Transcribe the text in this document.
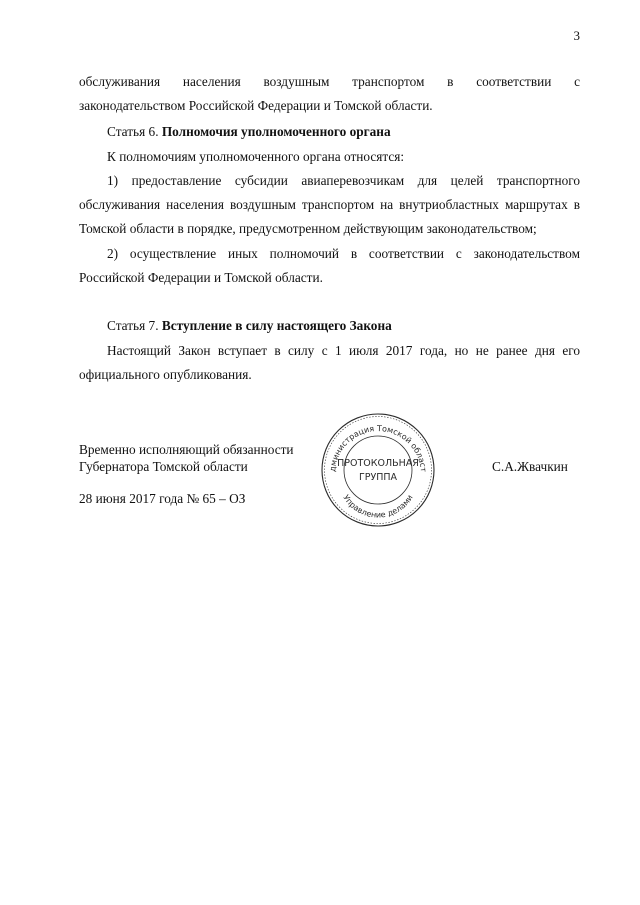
3
обслуживания населения воздушным транспортом в соответствии с
законодательством Российской Федерации и Томской области.
Статья 6. Полномочия уполномоченного органа
К полномочиям уполномоченного органа относятся:
1) предоставление субсидии авиаперевозчикам для целей транспортного
обслуживания населения воздушным транспортом на внутриобластных маршрутах в Томской области в порядке, предусмотренном действующим законодательством;
2) осуществление иных полномочий в соответствии с законодательством
Российской Федерации и Томской области.
Статья 7. Вступление в силу настоящего Закона
Настоящий Закон вступает в силу с 1 июля 2017 года, но не ранее дня его
официального опубликования.
Временно исполняющий обязанности
Губернатора Томской области	С.А.Жвачкин
28 июня 2017 года № 65 – ОЗ
дминистрация Томской област
Управление делами
ПРОТОКОЛЬНАЯ
ГРУППА
